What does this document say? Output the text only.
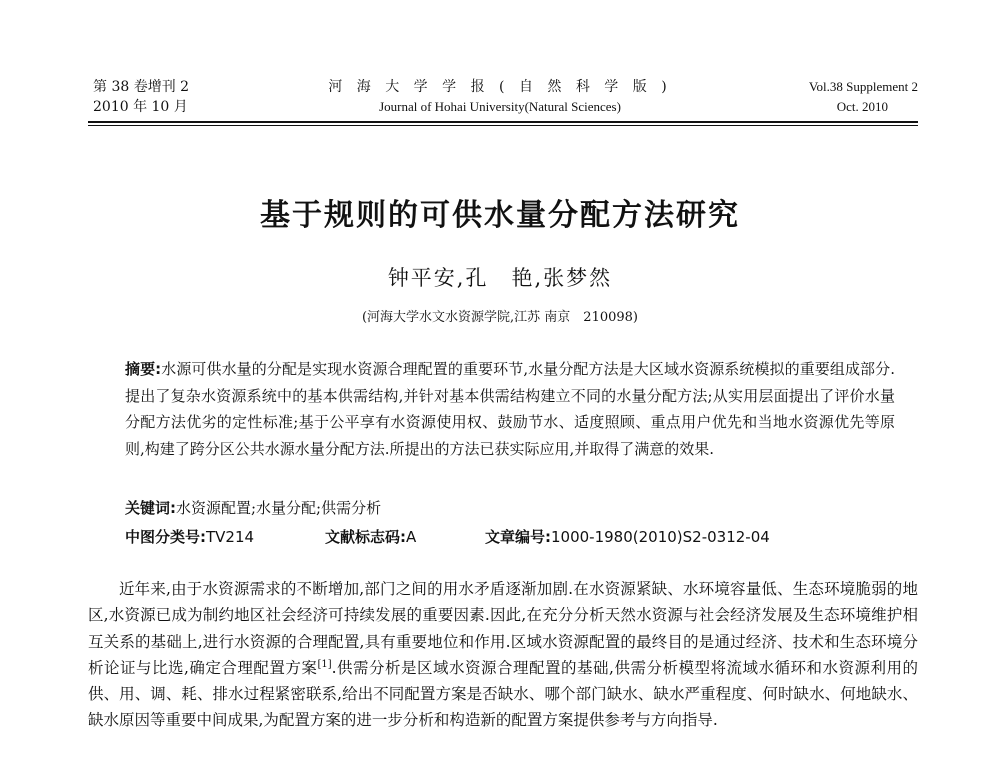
第 38 卷增刊 2
2010 年 10 月
河 海 大 学 学 报 ( 自 然 科 学 版 )
Journal of Hohai University(Natural Sciences)
Vol.38 Supplement 2
Oct. 2010
基于规则的可供水量分配方法研究
钟平安,孔　艳,张梦然
(河海大学水文水资源学院,江苏 南京　210098)

摘要:水源可供水量的分配是实现水资源合理配置的重要环节,水量分配方法是大区域水资源系统模拟的重要组成部分.提出了复杂水资源系统中的基本供需结构,并针对基本供需结构建立不同的水量分配方法;从实用层面提出了评价水量分配方法优劣的定性标准;基于公平享有水资源使用权、鼓励节水、适度照顾、重点用户优先和当地水资源优先等原则,构建了跨分区公共水源水量分配方法.所提出的方法已获实际应用,并取得了满意的效果.

关键词:水资源配置;水量分配;供需分析
中图分类号:TV214	文献标志码:A	文章编号:1000-1980(2010)S2-0312-04

近年来,由于水资源需求的不断增加,部门之间的用水矛盾逐渐加剧.在水资源紧缺、水环境容量低、生态环境脆弱的地区,水资源已成为制约地区社会经济可持续发展的重要因素.因此,在充分分析天然水资源与社会经济发展及生态环境维护相互关系的基础上,进行水资源的合理配置,具有重要地位和作用.区域水资源配置的最终目的是通过经济、技术和生态环境分析论证与比选,确定合理配置方案[1].供需分析是区域水资源合理配置的基础,供需分析模型将流域水循环和水资源利用的供、用、调、耗、排水过程紧密联系,给出不同配置方案是否缺水、哪个部门缺水、缺水严重程度、何时缺水、何地缺水、缺水原因等重要中间成果,为配置方案的进一步分析和构造新的配置方案提供参考与方向指导.
